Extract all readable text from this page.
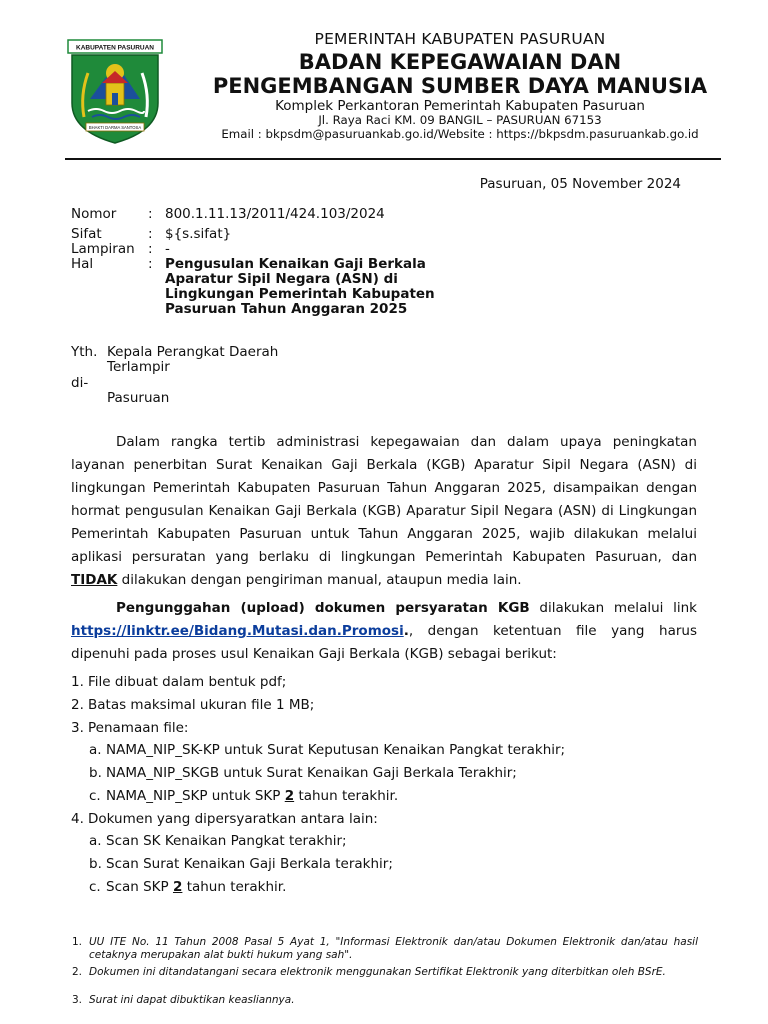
KABUPATEN PASURUAN
BHAKTI DARMA SANTOSA
PEMERINTAH KABUPATEN PASURUAN
BADAN KEPEGAWAIAN DAN
PENGEMBANGAN SUMBER DAYA MANUSIA
Komplek Perkantoran Pemerintah Kabupaten Pasuruan
Jl. Raya Raci KM. 09 BANGIL – PASURUAN 67153
Email : bkpsdm@pasuruankab.go.id/Website : https://bkpsdm.pasuruankab.go.id
Pasuruan, 05 November 2024
Nomor : 800.1.11.13/2011/424.103/2024
Sifat	: ${s.sifat}
Lampiran : -
Hal	: Pengusulan Kenaikan Gaji Berkala
Aparatur Sipil Negara (ASN) di
Lingkungan Pemerintah Kabupaten
Pasuruan Tahun Anggaran 2025
Yth. Kepala Perangkat Daerah
Terlampir
di-
Pasuruan
Dalam rangka tertib administrasi kepegawaian dan dalam upaya peningkatan layanan penerbitan Surat Kenaikan Gaji Berkala (KGB) Aparatur Sipil Negara (ASN) di lingkungan Pemerintah Kabupaten Pasuruan Tahun Anggaran 2025, disampaikan dengan hormat pengusulan Kenaikan Gaji Berkala (KGB) Aparatur Sipil Negara (ASN) di Lingkungan Pemerintah Kabupaten Pasuruan untuk Tahun Anggaran 2025, wajib dilakukan melalui aplikasi persuratan yang berlaku di lingkungan Pemerintah Kabupaten Pasuruan, dan TIDAK dilakukan dengan pengiriman manual, ataupun media lain.
Pengunggahan (upload) dokumen persyaratan KGB dilakukan melalui link https://linktr.ee/Bidang.Mutasi.dan.Promosi., dengan ketentuan file yang harus dipenuhi pada proses usul Kenaikan Gaji Berkala (KGB) sebagai berikut:
1. File dibuat dalam bentuk pdf;
2. Batas maksimal ukuran file 1 MB;
3. Penamaan file:
a. NAMA_NIP_SK-KP untuk Surat Keputusan Kenaikan Pangkat terakhir;
b. NAMA_NIP_SKGB untuk Surat Kenaikan Gaji Berkala Terakhir;
c. NAMA_NIP_SKP untuk SKP 2 tahun terakhir.
4. Dokumen yang dipersyaratkan antara lain:
a. Scan SK Kenaikan Pangkat terakhir;
b. Scan Surat Kenaikan Gaji Berkala terakhir;
c. Scan SKP 2 tahun terakhir.
1. UU ITE No. 11 Tahun 2008 Pasal 5 Ayat 1, "Informasi Elektronik dan/atau Dokumen Elektronik dan/atau hasil cetaknya merupakan alat bukti hukum yang sah".
2. Dokumen ini ditandatangani secara elektronik menggunakan Sertifikat Elektronik yang diterbitkan oleh BSrE.
3. Surat ini dapat dibuktikan keasliannya.
